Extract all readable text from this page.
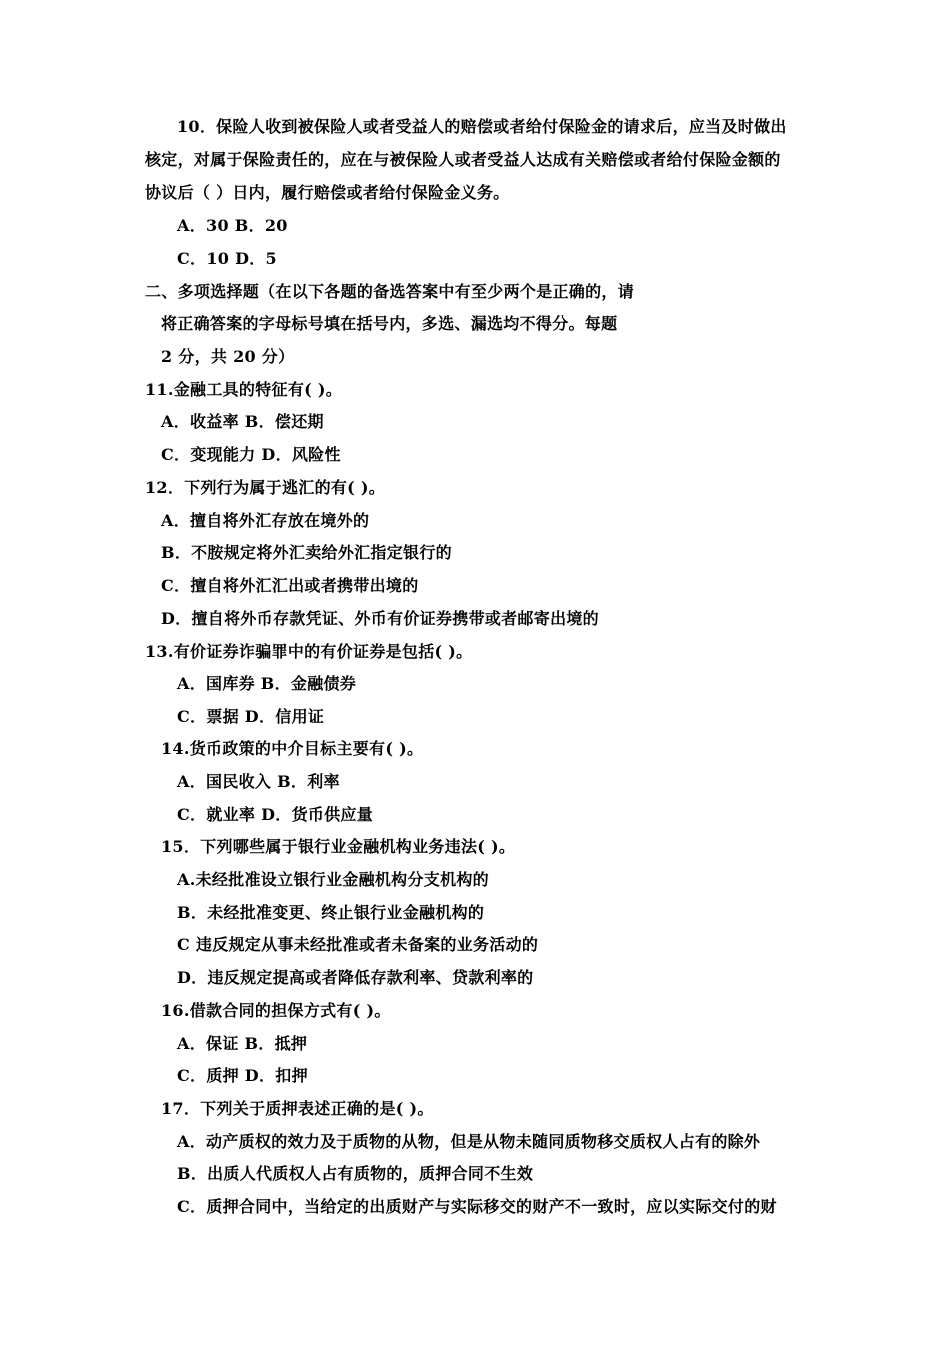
10．保险人收到被保险人或者受益人的赔偿或者给付保险金的请求后，应当及时做出
核定，对属于保险责任的，应在与被保险人或者受益人达成有关赔偿或者给付保险金额的
协议后（ ）日内，履行赔偿或者给付保险金义务。
A．30 B．20
C．10 D．5
二、多项选择题（在以下各题的备选答案中有至少两个是正确的，请
将正确答案的字母标号填在括号内，多选、漏选均不得分。每题
2 分，共 20 分）
11.金融工具的特征有( )。
A．收益率 B．偿还期
C．变现能力 D．风险性
12．下列行为属于逃汇的有( )。
A．擅自将外汇存放在境外的
B．不胺规定将外汇卖给外汇指定银行的
C．擅自将外汇汇出或者携带出境的
D．擅自将外币存款凭证、外币有价证券携带或者邮寄出境的
13.有价证券诈骗罪中的有价证券是包括( )。
A．国库券 B．金融债券
C．票据 D．信用证
14.货币政策的中介目标主要有( )。
A．国民收入 B．利率
C．就业率 D．货币供应量
15．下列哪些属于银行业金融机构业务违法( )。
A.未经批准设立银行业金融机构分支机构的
B．未经批准变更、终止银行业金融机构的
C 违反规定从事未经批准或者未备案的业务活动的
D．违反规定提高或者降低存款利率、贷款利率的
16.借款合同的担保方式有( )。
A．保证 B．抵押
C．质押 D．扣押
17．下列关于质押表述正确的是( )。
A．动产质权的效力及于质物的从物，但是从物未随同质物移交质权人占有的除外
B．出质人代质权人占有质物的，质押合同不生效
C．质押合同中，当给定的出质财产与实际移交的财产不一致时，应以实际交付的财
